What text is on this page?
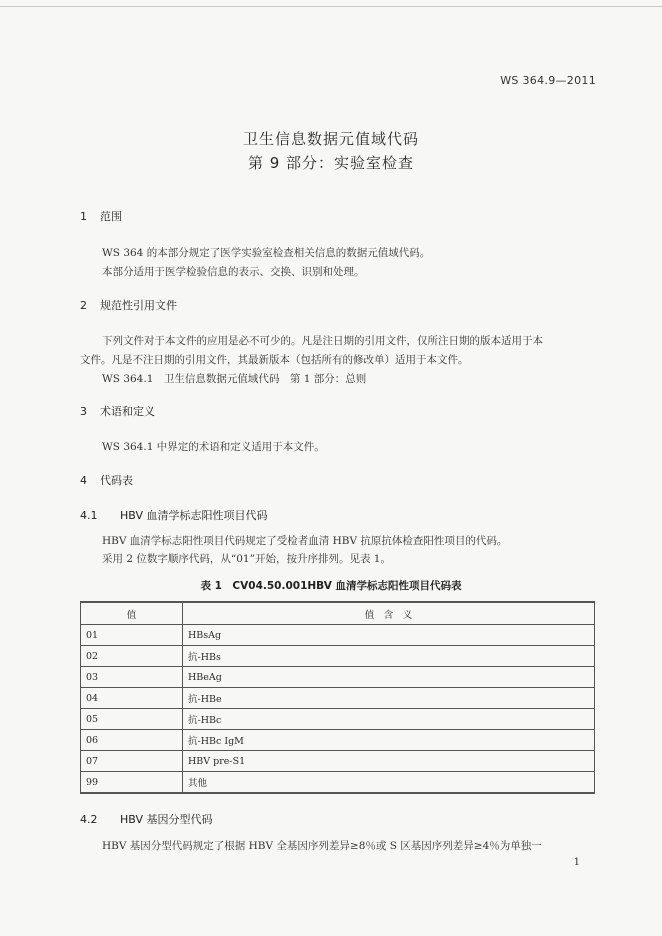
WS 364.9—2011
卫生信息数据元值域代码
第 9 部分：实验室检查
1 范围
WS 364 的本部分规定了医学实验室检查相关信息的数据元值域代码。
本部分适用于医学检验信息的表示、交换、识别和处理。
2 规范性引用文件
下列文件对于本文件的应用是必不可少的。凡是注日期的引用文件，仅所注日期的版本适用于本
文件。凡是不注日期的引用文件，其最新版本（包括所有的修改单）适用于本文件。
WS 364.1　卫生信息数据元值域代码　第 1 部分：总则
3 术语和定义
WS 364.1 中界定的术语和定义适用于本文件。
4 代码表
4.1 HBV 血清学标志阳性项目代码
HBV 血清学标志阳性项目代码规定了受检者血清 HBV 抗原抗体检查阳性项目的代码。
采用 2 位数字顺序代码，从“01”开始，按升序排列。见表 1。
表 1　CV04.50.001HBV 血清学标志阳性项目代码表
值	值　含　义
01	HBsAg
02	抗-HBs
03	HBeAg
04	抗-HBe
05	抗-HBc
06	抗-HBc IgM
07	HBV pre-S1
99	其他
4.2 HBV 基因分型代码
HBV 基因分型代码规定了根据 HBV 全基因序列差异≥8％或 S 区基因序列差异≥4％为单独一
1
